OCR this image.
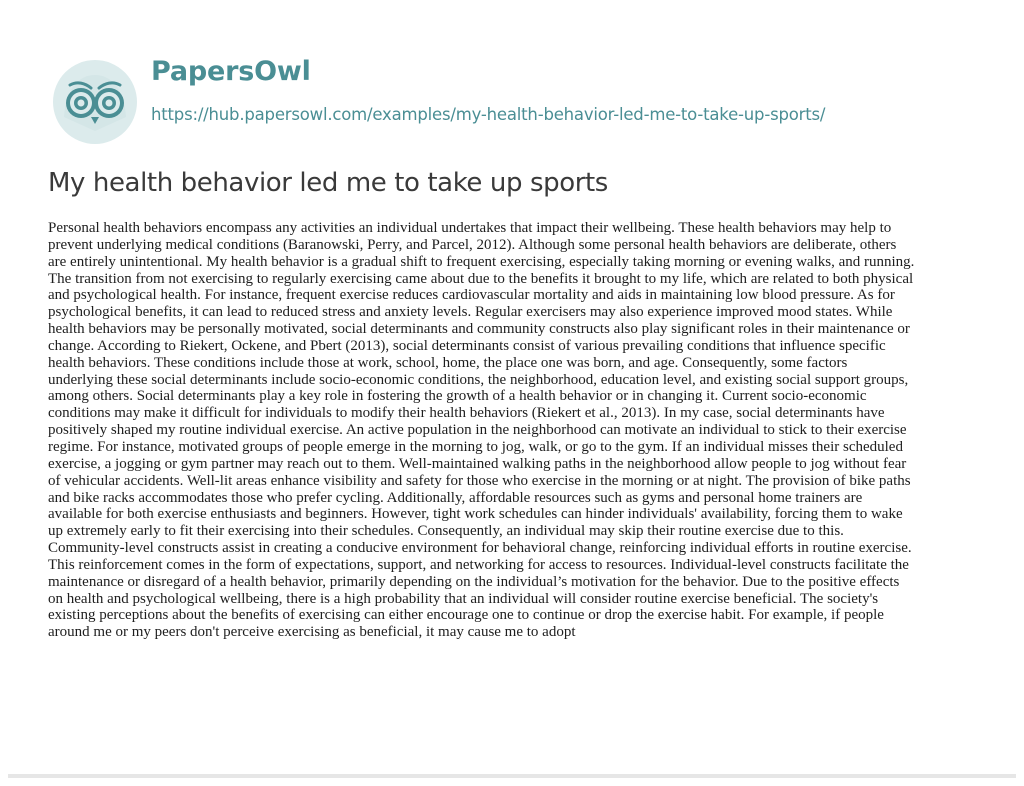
PapersOwl
https://hub.papersowl.com/examples/my-health-behavior-led-me-to-take-up-sports/
My health behavior led me to take up sports
Personal health behaviors encompass any activities an individual undertakes that impact their wellbeing. These health behaviors may help to
prevent underlying medical conditions (Baranowski, Perry, and Parcel, 2012). Although some personal health behaviors are deliberate, others
are entirely unintentional. My health behavior is a gradual shift to frequent exercising, especially taking morning or evening walks, and running.
The transition from not exercising to regularly exercising came about due to the benefits it brought to my life, which are related to both physical
and psychological health. For instance, frequent exercise reduces cardiovascular mortality and aids in maintaining low blood pressure. As for
psychological benefits, it can lead to reduced stress and anxiety levels. Regular exercisers may also experience improved mood states. While
health behaviors may be personally motivated, social determinants and community constructs also play significant roles in their maintenance or
change. According to Riekert, Ockene, and Pbert (2013), social determinants consist of various prevailing conditions that influence specific
health behaviors. These conditions include those at work, school, home, the place one was born, and age. Consequently, some factors
underlying these social determinants include socio-economic conditions, the neighborhood, education level, and existing social support groups,
among others. Social determinants play a key role in fostering the growth of a health behavior or in changing it. Current socio-economic
conditions may make it difficult for individuals to modify their health behaviors (Riekert et al., 2013). In my case, social determinants have
positively shaped my routine individual exercise. An active population in the neighborhood can motivate an individual to stick to their exercise
regime. For instance, motivated groups of people emerge in the morning to jog, walk, or go to the gym. If an individual misses their scheduled
exercise, a jogging or gym partner may reach out to them. Well-maintained walking paths in the neighborhood allow people to jog without fear
of vehicular accidents. Well-lit areas enhance visibility and safety for those who exercise in the morning or at night. The provision of bike paths
and bike racks accommodates those who prefer cycling. Additionally, affordable resources such as gyms and personal home trainers are
available for both exercise enthusiasts and beginners. However, tight work schedules can hinder individuals' availability, forcing them to wake
up extremely early to fit their exercising into their schedules. Consequently, an individual may skip their routine exercise due to this.
Community-level constructs assist in creating a conducive environment for behavioral change, reinforcing individual efforts in routine exercise.
This reinforcement comes in the form of expectations, support, and networking for access to resources. Individual-level constructs facilitate the
maintenance or disregard of a health behavior, primarily depending on the individual’s motivation for the behavior. Due to the positive effects
on health and psychological wellbeing, there is a high probability that an individual will consider routine exercise beneficial. The society's
existing perceptions about the benefits of exercising can either encourage one to continue or drop the exercise habit. For example, if people
around me or my peers don't perceive exercising as beneficial, it may cause me to adopt
